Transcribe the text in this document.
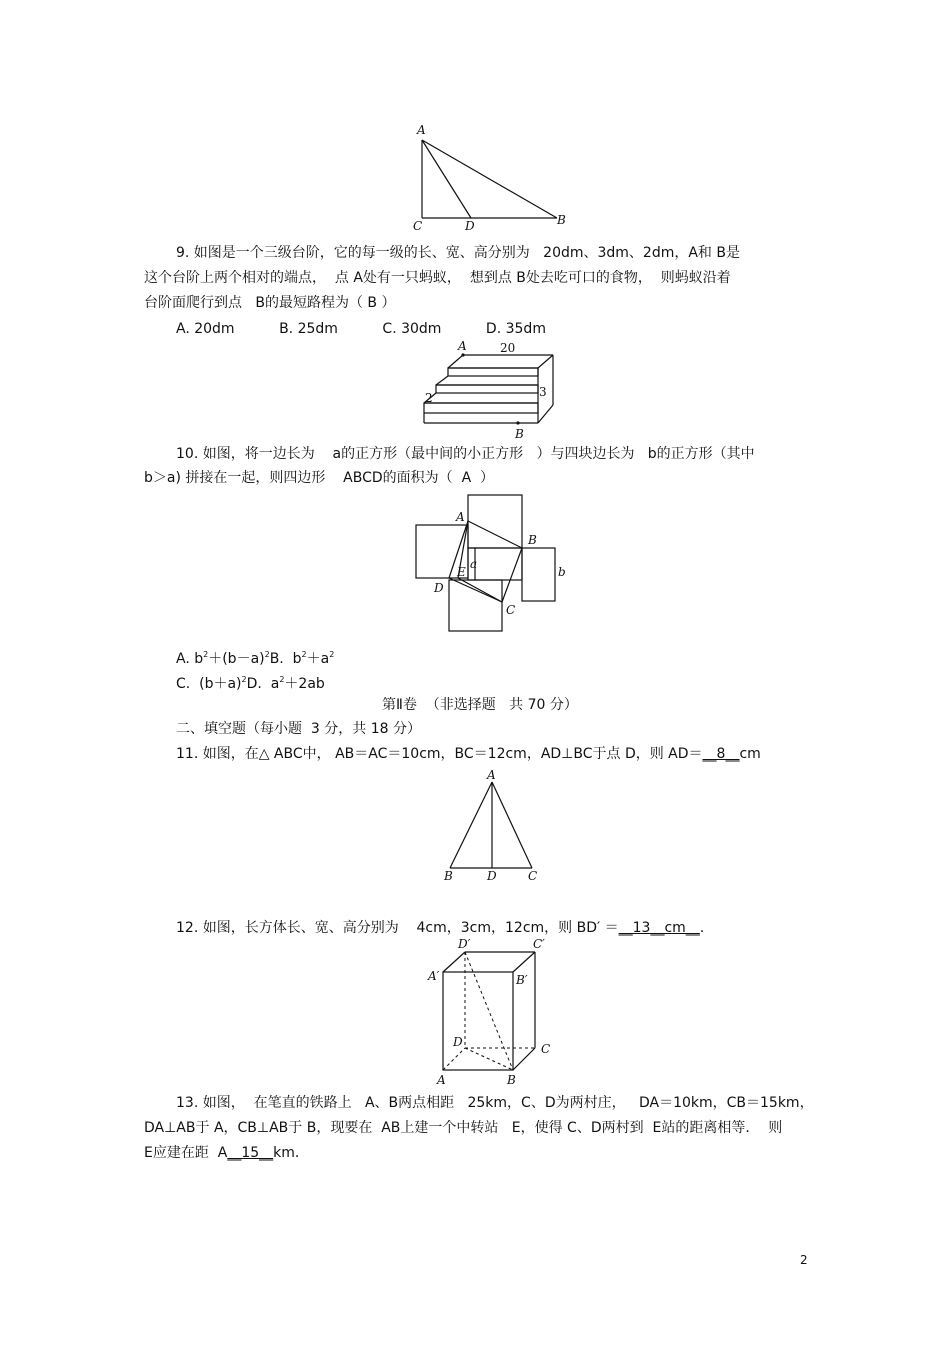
A
C	D	B
9. 如图是一个三级台阶，它的每一级的长、宽、高分别为   20dm、3dm、2dm，A和 B是
这个台阶上两个相对的端点，  点 A处有一只蚂蚁，  想到点 B处去吃可口的食物，  则蚂蚁沿着
台阶面爬行到点   B的最短路程为（ B ）
A. 20dm          B. 25dm          C. 30dm          D. 35dm
A	20
2	3
B
10. 如图，将一边长为    a的正方形（最中间的小正方形   ）与四块边长为   b的正方形（其中
b＞a) 拼接在一起，则四边形    ABCD的面积为（  A  ）
A
B
C
D
E
a
b
A. $b^2+(b-a)^2B$.  $b^2+a^2$
C.  $(b+a)^2D$.  $a^2+2ab$
第Ⅱ卷  （非选择题   共 70 分）
二、填空题（每小题  3 分，共 18 分）
11. 如图，在△ ABC中， AB＝AC＝10cm，BC＝12cm，AD⊥BC于点 D，则 AD＝__8__cm
A
B	D	C
12. 如图，长方体长、宽、高分别为    4cm，3cm，12cm，则 BD′ ＝__13__cm__.
D′	C′
A′	B′
D	C
A	B
13. 如图，  在笔直的铁路上   A、B两点相距   25km，C、D为两村庄，   DA＝10km，CB＝15km，
DA⊥AB于 A，CB⊥AB于 B，现要在  AB上建一个中转站   E，使得 C、D两村到  E站的距离相等．  则
E应建在距  A__15__km．
2
